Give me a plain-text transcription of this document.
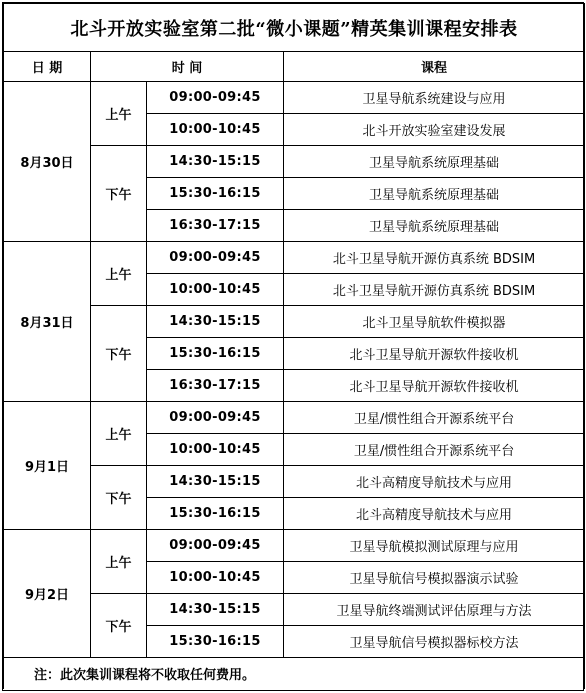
北斗开放实验室第二批“微小课题”精英集训课程安排表			
日 期	时 间		课程
8月30日	上午	09:00-09:45	卫星导航系统建设与应用
		10:00-10:45	北斗开放实验室建设发展
	下午	14:30-15:15	卫星导航系统原理基础
		15:30-16:15	卫星导航系统原理基础
		16:30-17:15	卫星导航系统原理基础
8月31日	上午	09:00-09:45	北斗卫星导航开源仿真系统 BDSIM
		10:00-10:45	北斗卫星导航开源仿真系统 BDSIM
	下午	14:30-15:15	北斗卫星导航软件模拟器
		15:30-16:15	北斗卫星导航开源软件接收机
		16:30-17:15	北斗卫星导航开源软件接收机
9月1日	上午	09:00-09:45	卫星/惯性组合开源系统平台
		10:00-10:45	卫星/惯性组合开源系统平台
	下午	14:30-15:15	北斗高精度导航技术与应用
		15:30-16:15	北斗高精度导航技术与应用
9月2日	上午	09:00-09:45	卫星导航模拟测试原理与应用
		10:00-10:45	卫星导航信号模拟器演示试验
	下午	14:30-15:15	卫星导航终端测试评估原理与方法
		15:30-16:15	卫星导航信号模拟器标校方法
注：此次集训课程将不收取任何费用。			
